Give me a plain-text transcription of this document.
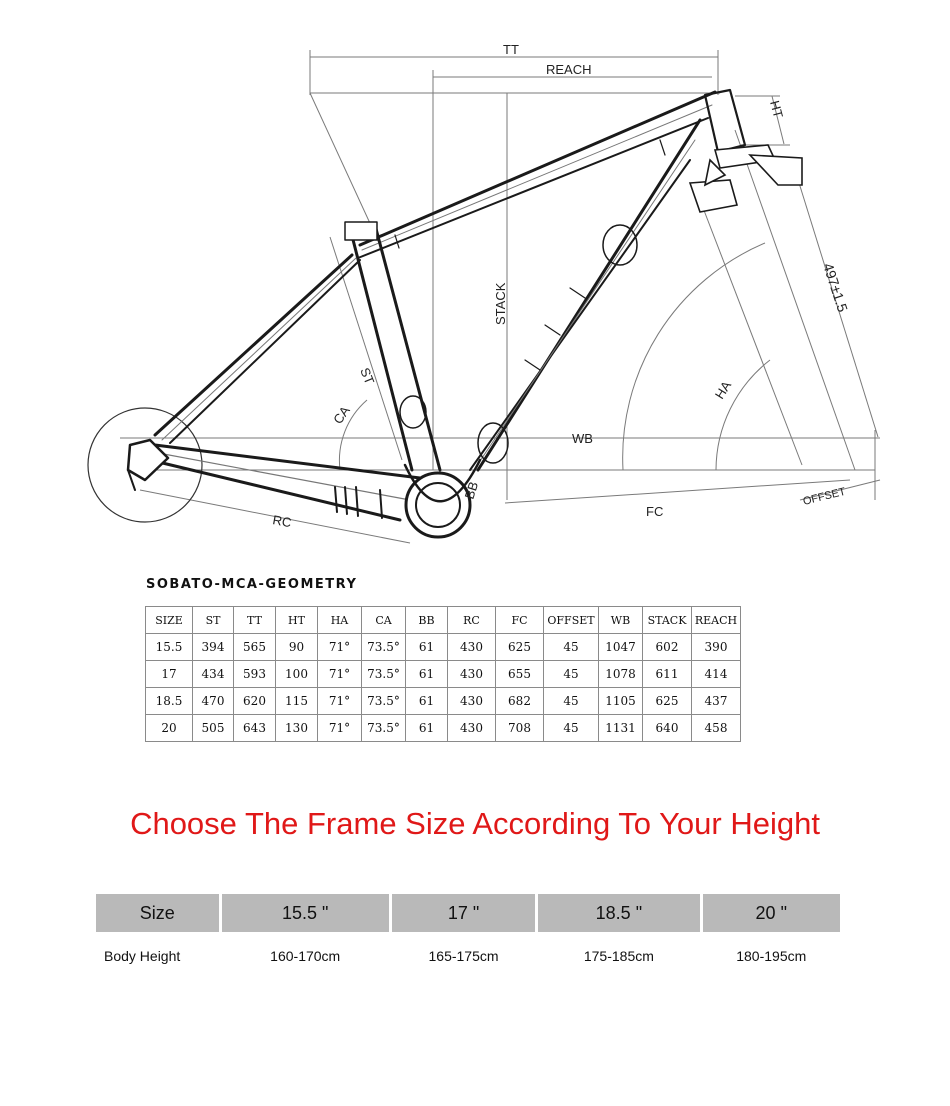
TT
REACH
HT
STACK
ST
CA
WB
HA
497±1.5
RC
BB
FC
OFFSET
SOBATO-MCA-GEOMETRY
SIZE	ST	TT	HT	HA	CA	BB	RC	FC	OFFSET	WB	STACK	REACH
15.5	394	565	90	71°	73.5°	61	430	625	45	1047	602	390
17	434	593	100	71°	73.5°	61	430	655	45	1078	611	414
18.5	470	620	115	71°	73.5°	61	430	682	45	1105	625	437
20	505	643	130	71°	73.5°	61	430	708	45	1131	640	458
Choose The Frame Size According To Your Height
Size	15.5 "	17 "	18.5 "	20 "
Body Height	160-170cm	165-175cm	175-185cm	180-195cm
